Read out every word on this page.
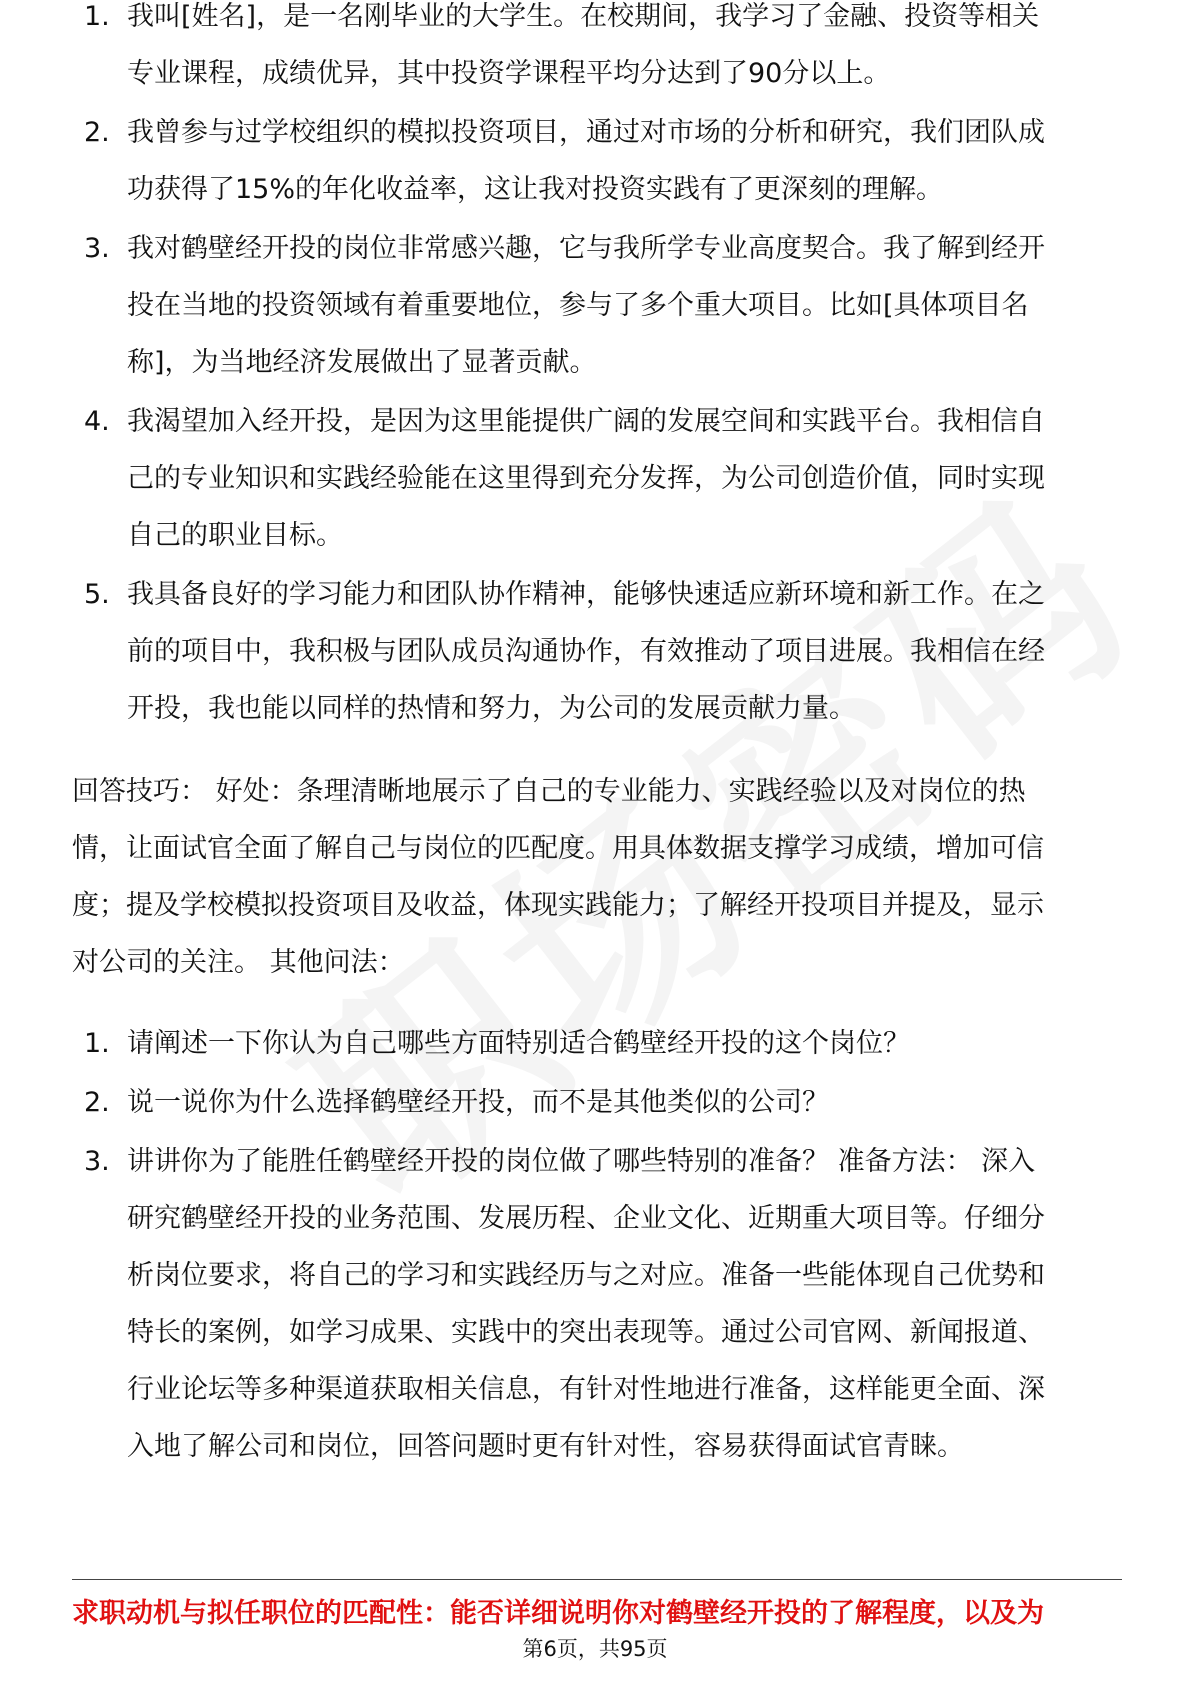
1. 我叫[姓名]，是一名刚毕业的大学生。在校期间，我学习了金融、投资等相关

专业课程，成绩优异，其中投资学课程平均分达到了90分以上。

2. 我曾参与过学校组织的模拟投资项目，通过对市场的分析和研究，我们团队成

功获得了15%的年化收益率，这让我对投资实践有了更深刻的理解。

3. 我对鹤壁经开投的岗位非常感兴趣，它与我所学专业高度契合。我了解到经开

投在当地的投资领域有着重要地位，参与了多个重大项目。比如[具体项目名

称]，为当地经济发展做出了显著贡献。

4. 我渴望加入经开投，是因为这里能提供广阔的发展空间和实践平台。我相信自

己的专业知识和实践经验能在这里得到充分发挥，为公司创造价值，同时实现

自己的职业目标。

5. 我具备良好的学习能力和团队协作精神，能够快速适应新环境和新工作。在之

前的项目中，我积极与团队成员沟通协作，有效推动了项目进展。我相信在经

开投，我也能以同样的热情和努力，为公司的发展贡献力量。

回答技巧： 好处：条理清晰地展示了自己的专业能力、实践经验以及对岗位的热

情，让面试官全面了解自己与岗位的匹配度。用具体数据支撑学习成绩，增加可信

度；提及学校模拟投资项目及收益，体现实践能力；了解经开投项目并提及，显示

对公司的关注。 其他问法：

1. 请阐述一下你认为自己哪些方面特别适合鹤壁经开投的这个岗位？

2. 说一说你为什么选择鹤壁经开投，而不是其他类似的公司？

3. 讲讲你为了能胜任鹤壁经开投的岗位做了哪些特别的准备？ 准备方法： 深入

研究鹤壁经开投的业务范围、发展历程、企业文化、近期重大项目等。仔细分

析岗位要求，将自己的学习和实践经历与之对应。准备一些能体现自己优势和

特长的案例，如学习成果、实践中的突出表现等。通过公司官网、新闻报道、

行业论坛等多种渠道获取相关信息，有针对性地进行准备，这样能更全面、深

入地了解公司和岗位，回答问题时更有针对性，容易获得面试官青睐。

求职动机与拟任职位的匹配性：能否详细说明你对鹤壁经开投的了解程度，以及为
第6页，共95页
